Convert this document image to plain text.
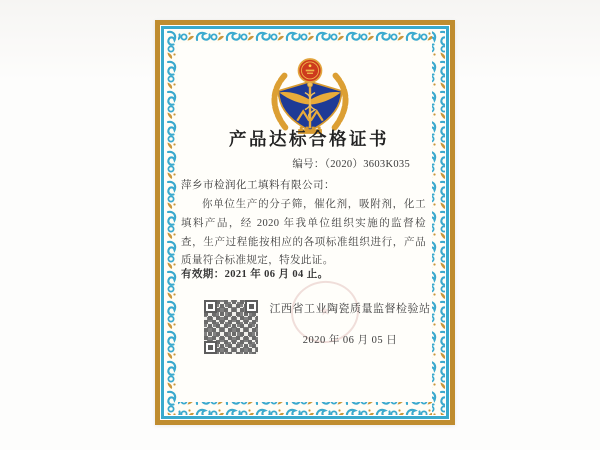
产品达标合格证书
编号：（2020）3603K035
萍乡市检润化工填料有限公司：

你单位生产的分子筛，催化剂，吸附剂，化工填料产品，经 2020 年我单位组织实施的监督检查，生产过程能按相应的各项标准组织进行，产品质量符合标准规定，特发此证。

有效期：2021 年 06 月 04 止。
★
江西省工业陶瓷质量监督检验站
2020 年 06 月 05 日
